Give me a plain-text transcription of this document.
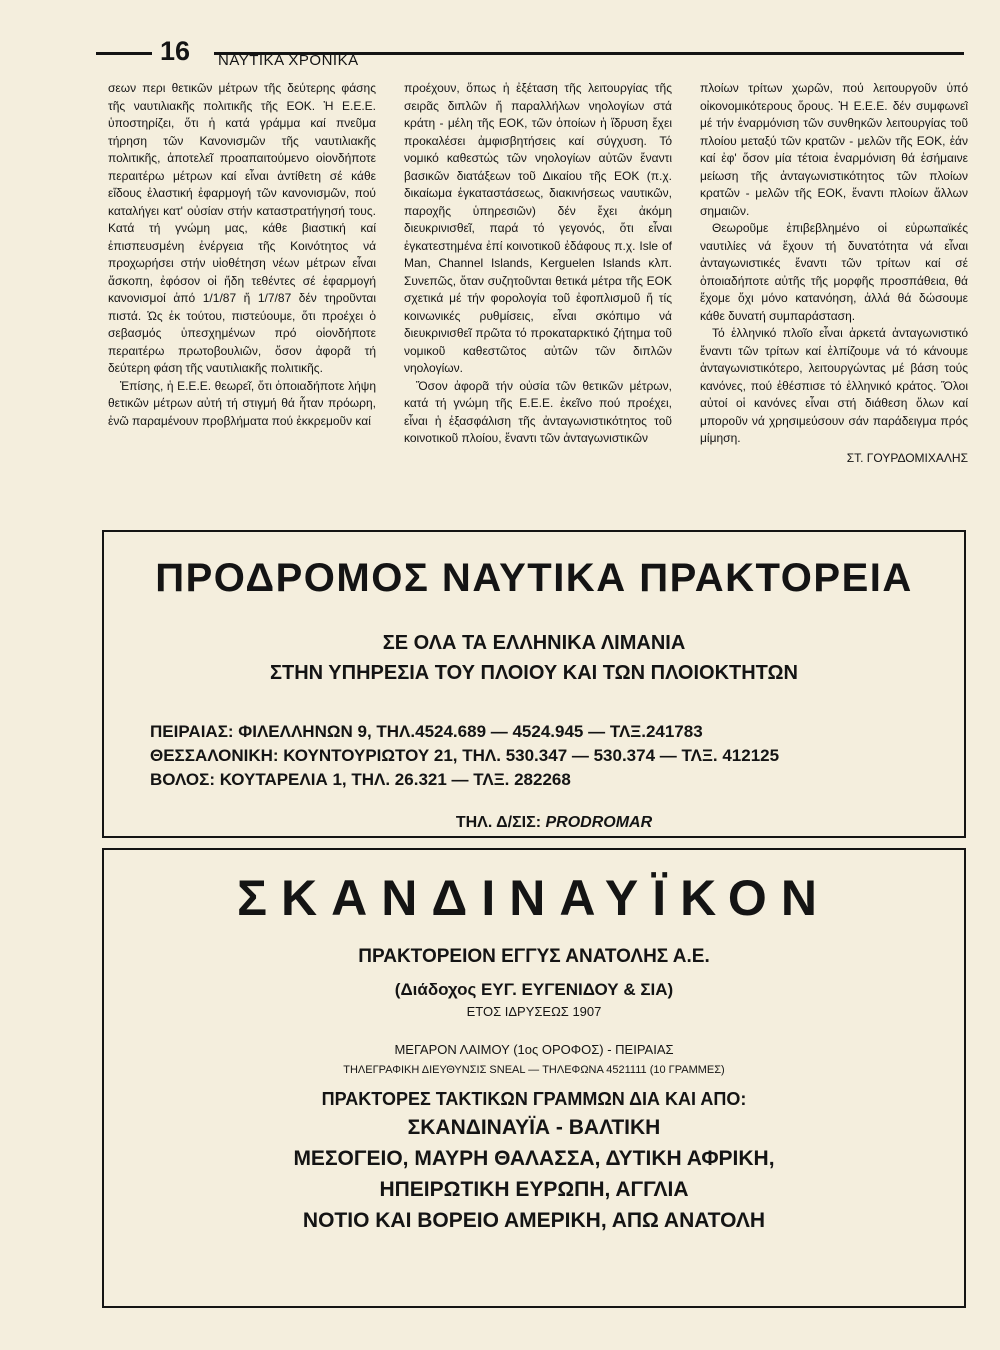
16 ΝΑΥΤΙΚΑ ΧΡΟΝΙΚΑ

σεων περι θετικῶν μέτρων τῆς δεύτερης φάσης τῆς ναυτιλιακῆς πολιτικῆς τῆς ΕΟΚ. Ἡ Ε.Ε.Ε. ὑποστηρίζει, ὅτι ἡ κατά γράμμα καί πνεῦμα τήρηση τῶν Κανονισμῶν τῆς ναυτιλιακῆς πολιτικῆς, ἀποτελεῖ προαπαιτούμενο οἱονδήποτε περαιτέρω μέτρων καί εἶναι ἀντίθετη σέ κάθε εἴδους ἐλαστική ἐφαρμογή τῶν κανονισμῶν, πού καταλήγει κατ' οὐσίαν στήν καταστρατήγησή τους. Κατά τή γνώμη μας, κάθε βιαστική καί ἐπισπευσμένη ἐνέργεια τῆς Κοινότητος νά προχωρήσει στήν υἱοθέτηση νέων μέτρων εἶναι ἄσκοπη, ἐφόσον οἱ ἤδη τεθέντες σέ ἐφαρμογή κανονισμοί ἀπό 1/1/87 ἤ 1/7/87 δέν τηροῦνται πιστά. Ὡς ἐκ τούτου, πιστεύουμε, ὅτι προέχει ὁ σεβασμός ὑπεσχημένων πρό οἱονδήποτε περαιτέρω πρωτοβουλιῶν, ὅσον ἀφορᾶ τή δεύτερη φάση τῆς ναυτιλιακῆς πολιτικῆς.

Ἐπίσης, ἡ Ε.Ε.Ε. θεωρεῖ, ὅτι ὁποιαδήποτε λήψη θετικῶν μέτρων αὐτή τή στιγμή θά ἦταν πρόωρη, ἐνῶ παραμένουν προβλήματα πού ἐκκρεμοῦν καί

προέχουν, ὅπως ἡ ἐξέταση τῆς λειτουργίας τῆς σειρᾶς διπλῶν ἤ παραλλήλων νηολογίων στά κράτη - μέλη τῆς ΕΟΚ, τῶν ὁποίων ἡ ἵδρυση ἔχει προκαλέσει ἀμφισβητήσεις καί σύγχυση. Τό νομικό καθεστώς τῶν νηολογίων αὐτῶν ἔναντι βασικῶν διατάξεων τοῦ Δικαίου τῆς ΕΟΚ (π.χ. δικαίωμα ἐγκαταστάσεως, διακινήσεως ναυτικῶν, παροχῆς ὑπηρεσιῶν) δέν ἔχει ἀκόμη διευκρινισθεῖ, παρά τό γεγονός, ὅτι εἶναι ἐγκατεστημένα ἐπί κοινοτικοῦ ἐδάφους π.χ. Isle of Man, Channel Islands, Kerguelen Islands κλπ. Συνεπῶς, ὅταν συζητοῦνται θετικά μέτρα τῆς ΕΟΚ σχετικά μέ τήν φορολογία τοῦ ἐφοπλισμοῦ ἤ τίς κοινωνικές ρυθμίσεις, εἶναι σκόπιμο νά διευκρινισθεῖ πρῶτα τό προκαταρκτικό ζήτημα τοῦ νομικοῦ καθεστῶτος αὐτῶν τῶν διπλῶν νηολογίων.

Ὅσον ἀφορᾶ τήν οὐσία τῶν θετικῶν μέτρων, κατά τή γνώμη τῆς Ε.Ε.Ε. ἐκεῖνο πού προέχει, εἶναι ἡ ἐξασφάλιση τῆς ἀνταγωνιστικότητος τοῦ κοινοτικοῦ πλοίου, ἔναντι τῶν ἀνταγωνιστικῶν

πλοίων τρίτων χωρῶν, πού λειτουργοῦν ὑπό οἰκονομικότερους ὅρους. Ἡ Ε.Ε.Ε. δέν συμφωνεῖ μέ τήν ἐναρμόνιση τῶν συνθηκῶν λειτουργίας τοῦ πλοίου μεταξύ τῶν κρατῶν - μελῶν τῆς ΕΟΚ, ἐάν καί ἐφ' ὅσον μία τέτοια ἐναρμόνιση θά ἐσήμαινε μείωση τῆς ἀνταγωνιστικότητος τῶν πλοίων κρατῶν - μελῶν τῆς ΕΟΚ, ἔναντι πλοίων ἄλλων σημαιῶν.

Θεωροῦμε ἐπιβεβλημένο οἱ εὐρωπαϊκές ναυτιλίες νά ἔχουν τή δυνατότητα νά εἶναι ἀνταγωνιστικές ἔναντι τῶν τρίτων καί σέ ὁποιαδήποτε αὐτῆς τῆς μορφῆς προσπάθεια, θά ἔχομε ὄχι μόνο κατανόηση, ἀλλά θά δώσουμε κάθε δυνατή συμπαράσταση.

Τό ἑλληνικό πλοῖο εἶναι ἀρκετά ἀνταγωνιστικό ἔναντι τῶν τρίτων καί ἐλπίζουμε νά τό κάνουμε ἀνταγωνιστικότερο, λειτουργώντας μέ βάση τούς κανόνες, πού ἐθέσπισε τό ἑλληνικό κράτος. Ὅλοι αὐτοί οἱ κανόνες εἶναι στή διάθεση ὅλων καί μποροῦν νά χρησιμεύσουν σάν παράδειγμα πρός μίμηση.

ΣΤ. ΓΟΥΡΔΟΜΙΧΑΛΗΣ

ΠΡΟΔΡΟΜΟΣ ΝΑΥΤΙΚΑ ΠΡΑΚΤΟΡΕΙΑ
ΣΕ ΟΛΑ ΤΑ ΕΛΛΗΝΙΚΑ ΛΙΜΑΝΙΑ
ΣΤΗΝ ΥΠΗΡΕΣΙΑ ΤΟΥ ΠΛΟΙΟΥ ΚΑΙ ΤΩΝ ΠΛΟΙΟΚΤΗΤΩΝ
ΠΕΙΡΑΙΑΣ: ΦΙΛΕΛΛΗΝΩΝ 9, ΤΗΛ.4524.689 — 4524.945 — ΤΛΞ.241783
ΘΕΣΣΑΛΟΝΙΚΗ: ΚΟΥΝΤΟΥΡΙΩΤΟΥ 21, ΤΗΛ. 530.347 — 530.374 — ΤΛΞ. 412125
ΒΟΛΟΣ: ΚΟΥΤΑΡΕΛΙΑ 1, ΤΗΛ. 26.321 — ΤΛΞ. 282268
ΤΗΛ. Δ/ΣΙΣ: PRODROMAR
ΣΚΑΝΔΙΝΑΥΪΚΟΝ
ΠΡΑΚΤΟΡΕΙΟΝ ΕΓΓΥΣ ΑΝΑΤΟΛΗΣ Α.Ε.
(Διάδοχος ΕΥΓ. ΕΥΓΕΝΙΔΟΥ & ΣΙΑ)
ΕΤΟΣ ΙΔΡΥΣΕΩΣ 1907
ΜΕΓΑΡΟΝ ΛΑΙΜΟΥ (1ος ΟΡΟΦΟΣ) - ΠΕΙΡΑΙΑΣ
ΤΗΛΕΓΡΑΦΙΚΗ ΔΙΕΥΘΥΝΣΙΣ SNEAL — ΤΗΛΕΦΩΝΑ 4521111 (10 ΓΡΑΜΜΕΣ)
ΠΡΑΚΤΟΡΕΣ ΤΑΚΤΙΚΩΝ ΓΡΑΜΜΩΝ ΔΙΑ ΚΑΙ ΑΠΟ:
ΣΚΑΝΔΙΝΑΥΪΑ - ΒΑΛΤΙΚΗ
ΜΕΣΟΓΕΙΟ, ΜΑΥΡΗ ΘΑΛΑΣΣΑ, ΔΥΤΙΚΗ ΑΦΡΙΚΗ,
ΗΠΕΙΡΩΤΙΚΗ ΕΥΡΩΠΗ, ΑΓΓΛΙΑ
ΝΟΤΙΟ ΚΑΙ ΒΟΡΕΙΟ ΑΜΕΡΙΚΗ, ΑΠΩ ΑΝΑΤΟΛΗ
